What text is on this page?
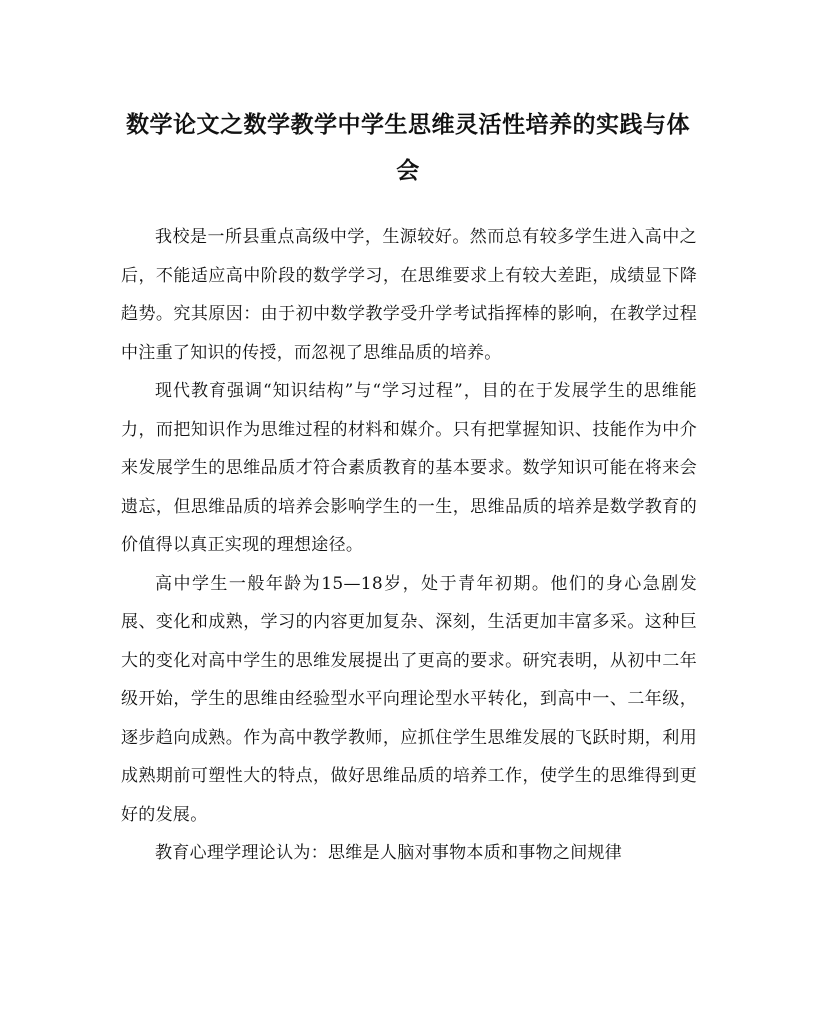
数学论文之数学教学中学生思维灵活性培养的实践与体会

我校是一所县重点高级中学，生源较好。然而总有较多学生进入高中之后，不能适应高中阶段的数学学习，在思维要求上有较大差距，成绩显下降趋势。究其原因：由于初中数学教学受升学考试指挥棒的影响，在教学过程中注重了知识的传授，而忽视了思维品质的培养。

现代教育强调“知识结构”与“学习过程”，目的在于发展学生的思维能力，而把知识作为思维过程的材料和媒介。只有把掌握知识、技能作为中介来发展学生的思维品质才符合素质教育的基本要求。数学知识可能在将来会遗忘，但思维品质的培养会影响学生的一生，思维品质的培养是数学教育的价值得以真正实现的理想途径。

高中学生一般年龄为15—18岁，处于青年初期。他们的身心急剧发展、变化和成熟，学习的内容更加复杂、深刻，生活更加丰富多采。这种巨大的变化对高中学生的思维发展提出了更高的要求。研究表明，从初中二年级开始，学生的思维由经验型水平向理论型水平转化，到高中一、二年级，逐步趋向成熟。作为高中教学教师，应抓住学生思维发展的飞跃时期，利用成熟期前可塑性大的特点，做好思维品质的培养工作，使学生的思维得到更好的发展。

教育心理学理论认为：思维是人脑对事物本质和事物之间规律
